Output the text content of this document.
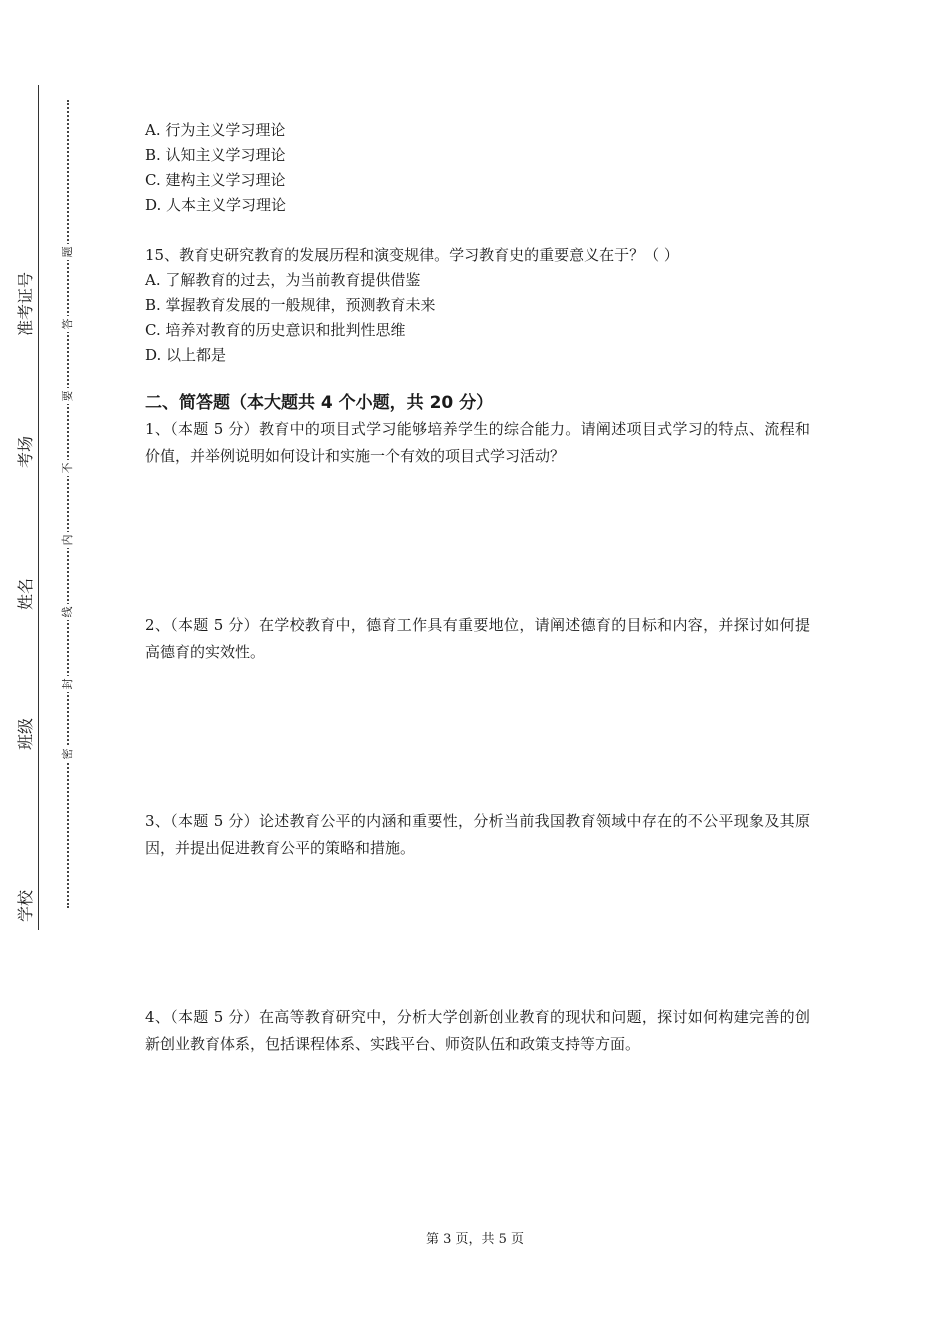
准考证号
考场
姓名
班级
学校
题
答
要
不
内
线
封
密
A. 行为主义学习理论
B. 认知主义学习理论
C. 建构主义学习理论
D. 人本主义学习理论
15、教育史研究教育的发展历程和演变规律。学习教育史的重要意义在于？（ ）
A. 了解教育的过去，为当前教育提供借鉴
B. 掌握教育发展的一般规律，预测教育未来
C. 培养对教育的历史意识和批判性思维
D. 以上都是
二、简答题（本大题共 4 个小题，共 20 分）
1、（本题 5 分）教育中的项目式学习能够培养学生的综合能力。请阐述项目式学习的特点、流程和价值，并举例说明如何设计和实施一个有效的项目式学习活动？
2、（本题 5 分）在学校教育中，德育工作具有重要地位，请阐述德育的目标和内容，并探讨如何提高德育的实效性。
3、（本题 5 分）论述教育公平的内涵和重要性，分析当前我国教育领域中存在的不公平现象及其原因，并提出促进教育公平的策略和措施。
4、（本题 5 分）在高等教育研究中，分析大学创新创业教育的现状和问题，探讨如何构建完善的创新创业教育体系，包括课程体系、实践平台、师资队伍和政策支持等方面。
第 3 页，共 5 页
